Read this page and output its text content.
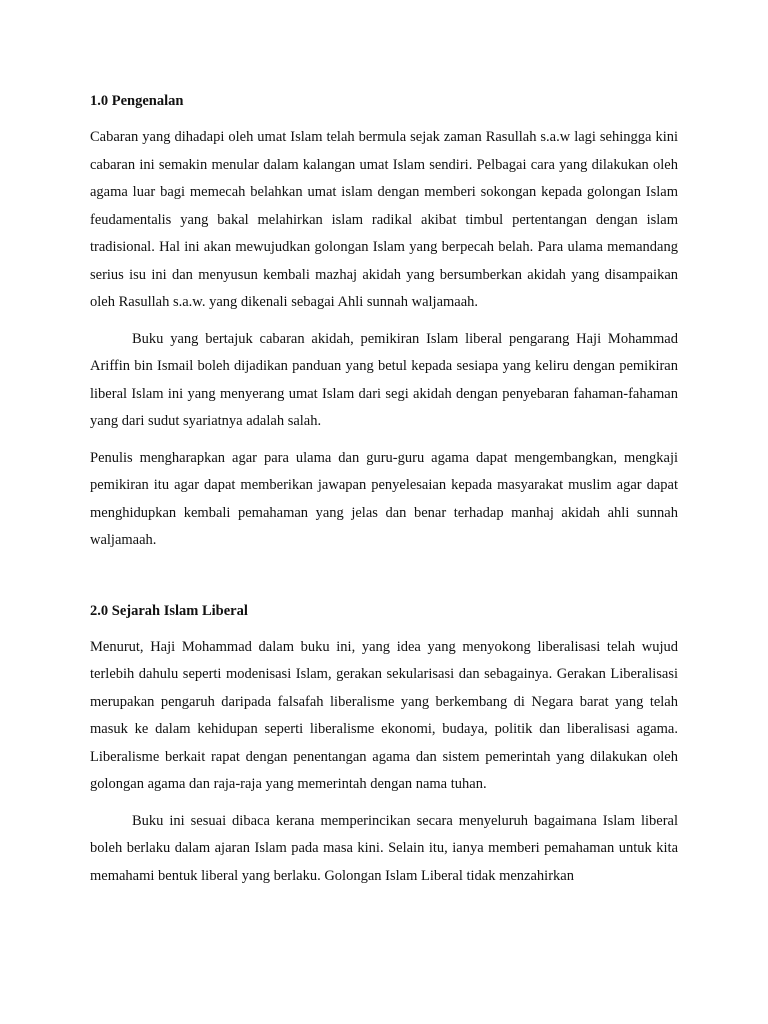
1.0 Pengenalan

Cabaran yang dihadapi oleh umat Islam telah bermula sejak zaman Rasullah s.a.w lagi sehingga kini cabaran ini semakin menular dalam kalangan umat Islam sendiri. Pelbagai cara yang dilakukan oleh agama luar bagi memecah belahkan umat islam dengan memberi sokongan kepada golongan Islam feudamentalis yang bakal melahirkan islam radikal akibat timbul pertentangan dengan islam tradisional. Hal ini akan mewujudkan golongan Islam yang berpecah belah. Para ulama memandang serius isu ini dan menyusun kembali mazhaj akidah yang bersumberkan akidah yang disampaikan oleh Rasullah s.a.w. yang dikenali sebagai Ahli sunnah waljamaah.

Buku yang bertajuk cabaran akidah, pemikiran Islam liberal pengarang Haji Mohammad Ariffin bin Ismail boleh dijadikan panduan yang betul kepada sesiapa yang keliru dengan pemikiran liberal Islam ini yang menyerang umat Islam dari segi akidah dengan penyebaran fahaman-fahaman yang dari sudut syariatnya adalah salah.

Penulis mengharapkan agar para ulama dan guru-guru agama dapat mengembangkan, mengkaji pemikiran itu agar dapat memberikan jawapan penyelesaian kepada masyarakat muslim agar dapat menghidupkan kembali pemahaman yang jelas dan benar terhadap manhaj akidah ahli sunnah waljamaah.

2.0 Sejarah Islam Liberal

Menurut, Haji Mohammad dalam buku ini, yang idea yang menyokong liberalisasi telah wujud terlebih dahulu seperti modenisasi Islam, gerakan sekularisasi dan sebagainya. Gerakan Liberalisasi merupakan pengaruh daripada falsafah liberalisme yang berkembang di Negara barat yang telah masuk ke dalam kehidupan seperti liberalisme ekonomi, budaya, politik dan liberalisasi agama. Liberalisme berkait rapat dengan penentangan agama dan sistem pemerintah yang dilakukan oleh golongan agama dan raja-raja yang memerintah dengan nama tuhan.

Buku ini sesuai dibaca kerana memperincikan secara menyeluruh bagaimana Islam liberal boleh berlaku dalam ajaran Islam pada masa kini. Selain itu, ianya memberi pemahaman untuk kita memahami bentuk liberal yang berlaku. Golongan Islam Liberal tidak menzahirkan
